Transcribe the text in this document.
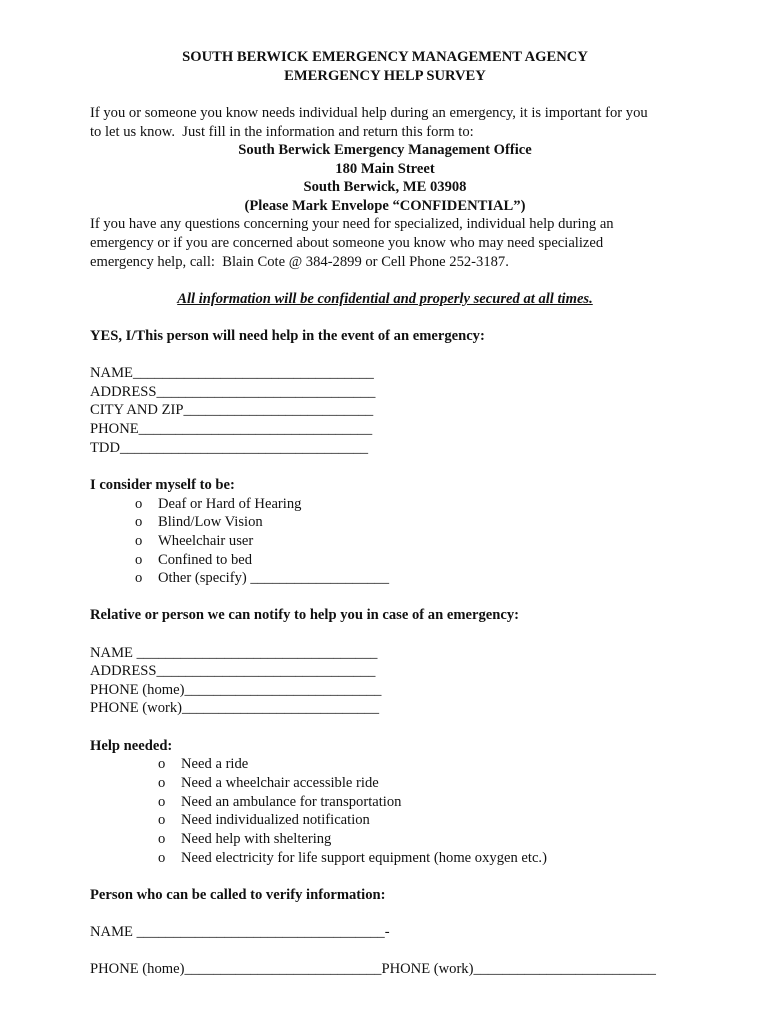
SOUTH BERWICK EMERGENCY MANAGEMENT AGENCY
EMERGENCY HELP SURVEY
If you or someone you know needs individual help during an emergency, it is important for you
to let us know.  Just fill in the information and return this form to:
South Berwick Emergency Management Office
180 Main Street
South Berwick, ME 03908
(Please Mark Envelope “CONFIDENTIAL”)
If you have any questions concerning your need for specialized, individual help during an
emergency or if you are concerned about someone you know who may need specialized
emergency help, call:  Blain Cote @ 384-2899 or Cell Phone 252-3187.
All information will be confidential and properly secured at all times.
YES, I/This person will need help in the event of an emergency:
NAME_________________________________
ADDRESS______________________________
CITY AND ZIP__________________________
PHONE________________________________
TDD__________________________________
I consider myself to be:
o Deaf or Hard of Hearing
o Blind/Low Vision
o Wheelchair user
o Confined to bed
o Other (specify) ___________________
Relative or person we can notify to help you in case of an emergency:
NAME _________________________________
ADDRESS______________________________
PHONE (home)___________________________
PHONE (work)___________________________
Help needed:
o Need a ride
o Need a wheelchair accessible ride
o Need an ambulance for transportation
o Need individualized notification
o Need help with sheltering
o Need electricity for life support equipment (home oxygen etc.)
Person who can be called to verify information:
NAME __________________________________-
PHONE (home)___________________________PHONE (work)_________________________
